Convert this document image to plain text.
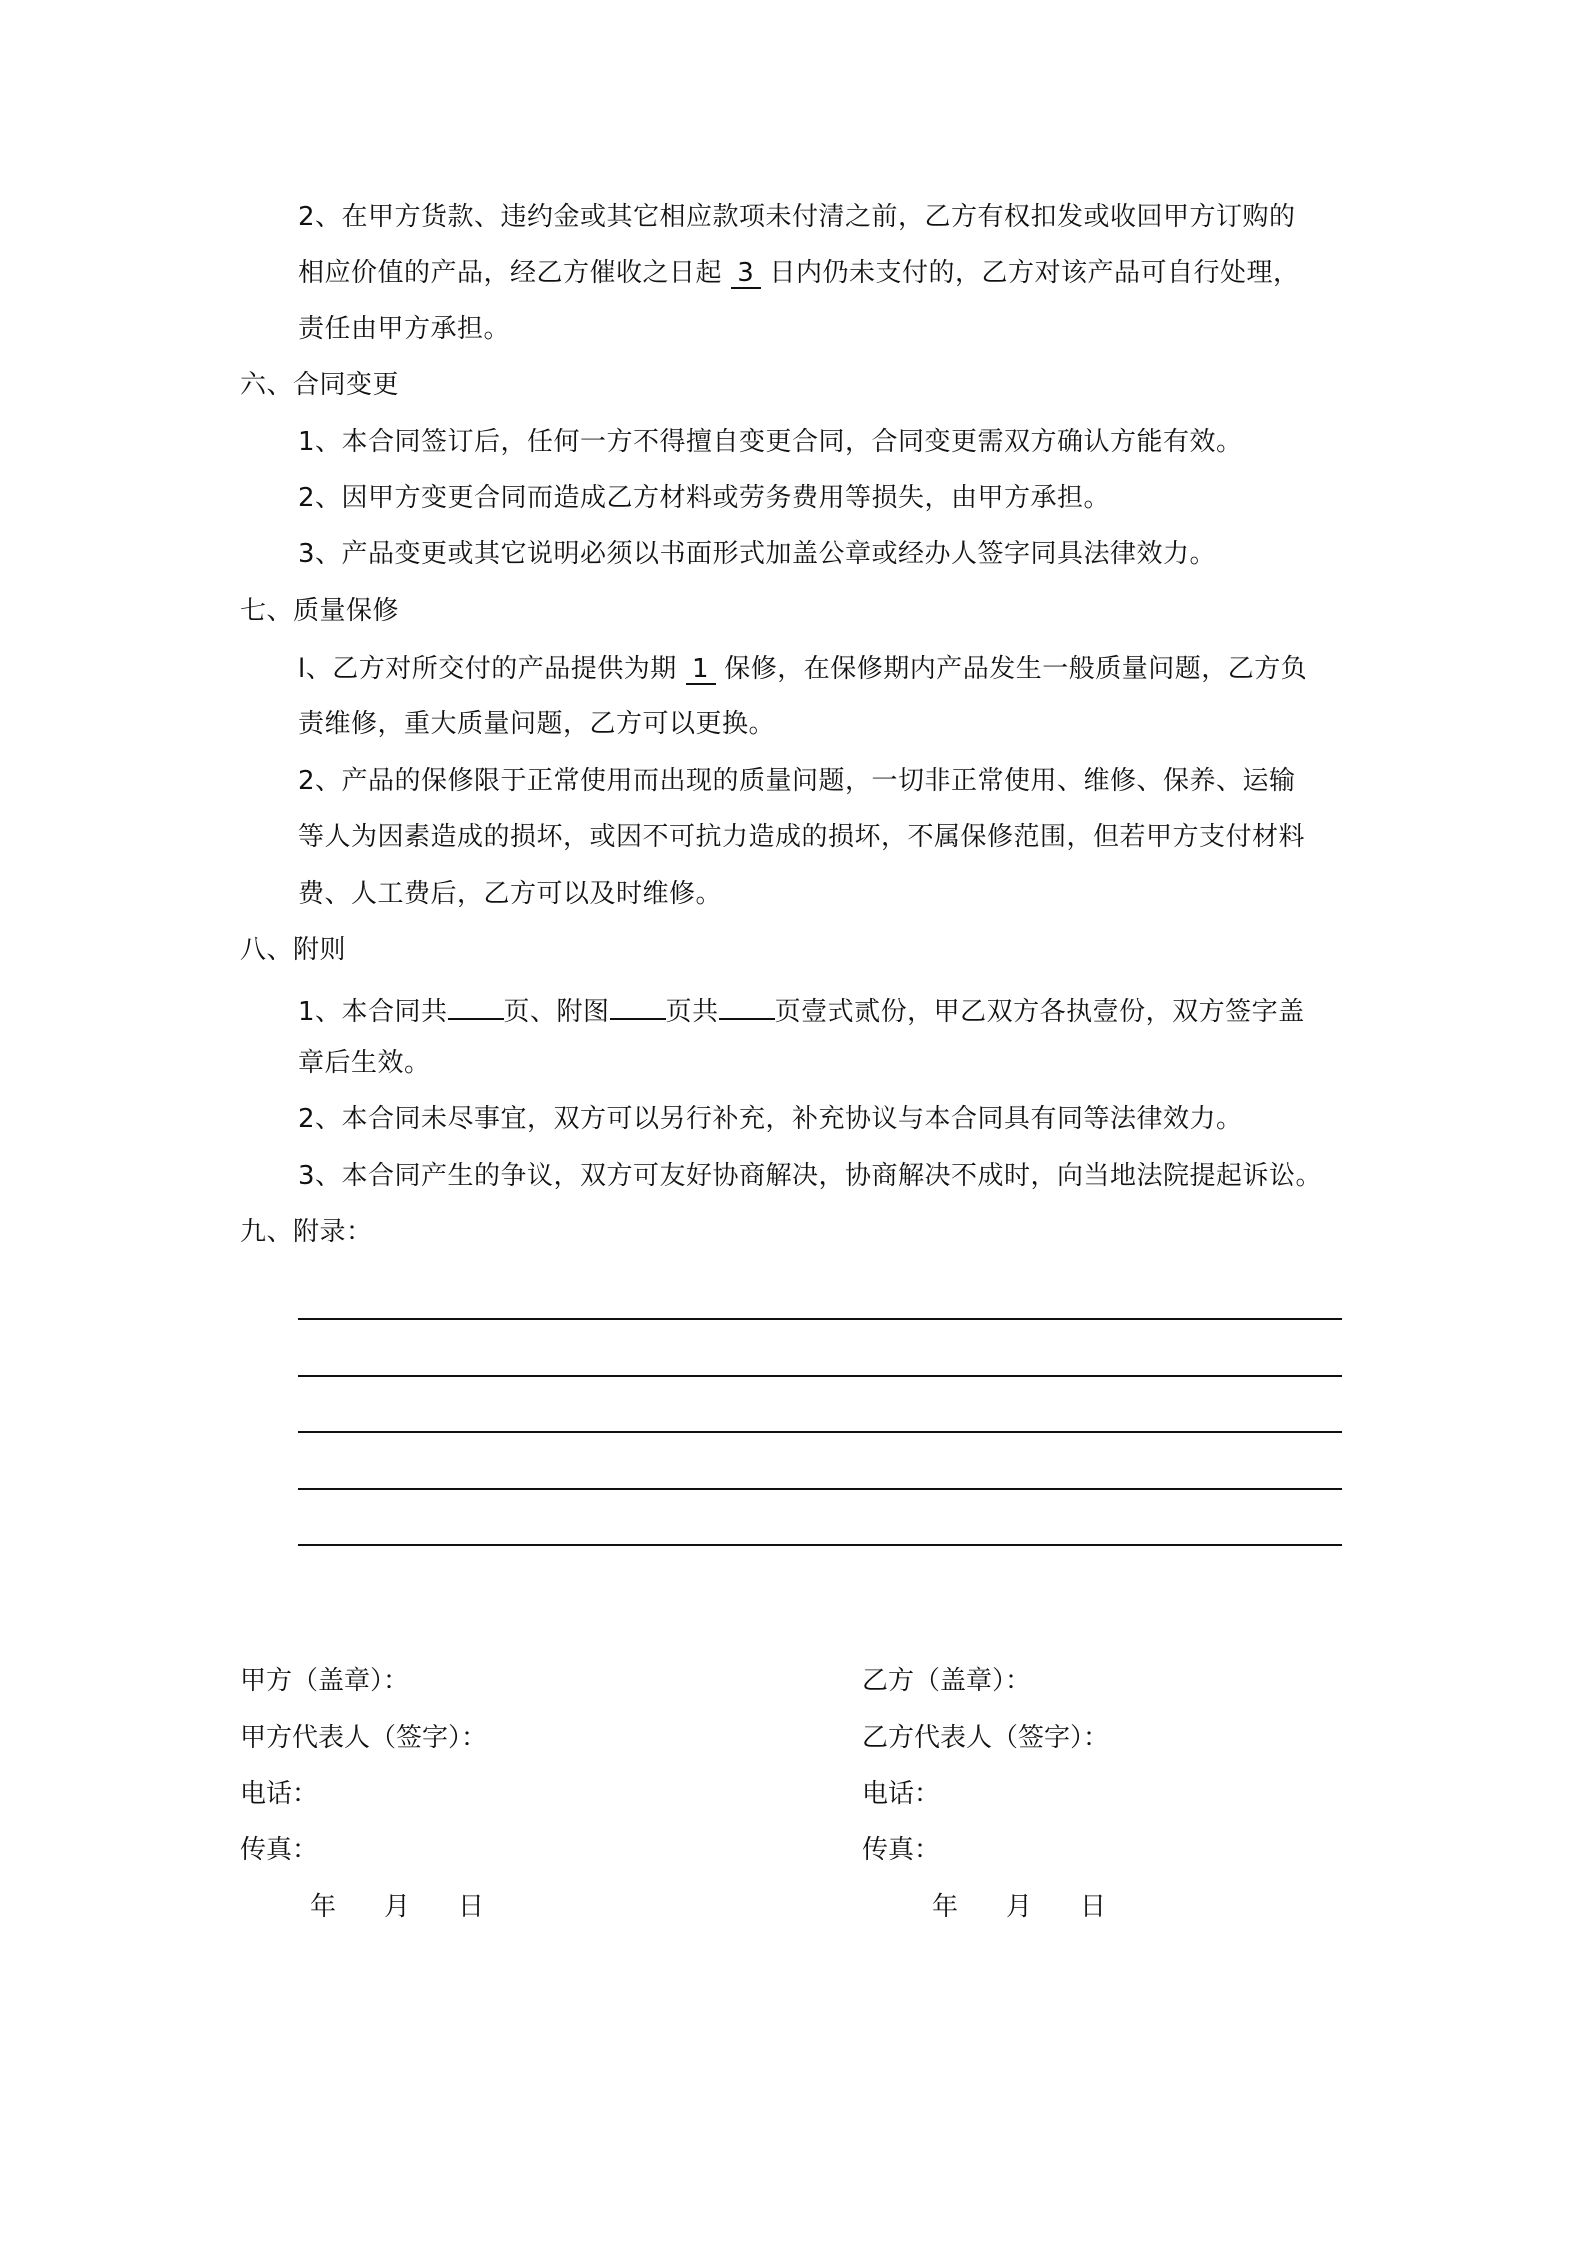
2、在甲方货款、违约金或其它相应款项未付清之前，乙方有权扣发或收回甲方订购的
相应价值的产品，经乙方催收之日起 3 日内仍未支付的，乙方对该产品可自行处理，
责任由甲方承担。
六、合同变更
1、本合同签订后，任何一方不得擅自变更合同，合同变更需双方确认方能有效。
2、因甲方变更合同而造成乙方材料或劳务费用等损失，由甲方承担。
3、产品变更或其它说明必须以书面形式加盖公章或经办人签字同具法律效力。
七、质量保修
l、乙方对所交付的产品提供为期 1 保修，在保修期内产品发生一般质量问题，乙方负
责维修，重大质量问题，乙方可以更换。
2、产品的保修限于正常使用而出现的质量问题，一切非正常使用、维修、保养、运输
等人为因素造成的损坏，或因不可抗力造成的损坏，不属保修范围，但若甲方支付材料
费、人工费后，乙方可以及时维修。
八、附则
1、本合同共 页、附图 页共 页壹式贰份，甲乙双方各执壹份，双方签字盖
章后生效。
2、本合同未尽事宜，双方可以另行补充，补充协议与本合同具有同等法律效力。
3、本合同产生的争议，双方可友好协商解决，协商解决不成时，向当地法院提起诉讼。
九、附录：
甲方（盖章）：
甲方代表人（签字）：
电话：
传真：
年 月 日
乙方（盖章）：
乙方代表人（签字）：
电话：
传真：
年 月 日
